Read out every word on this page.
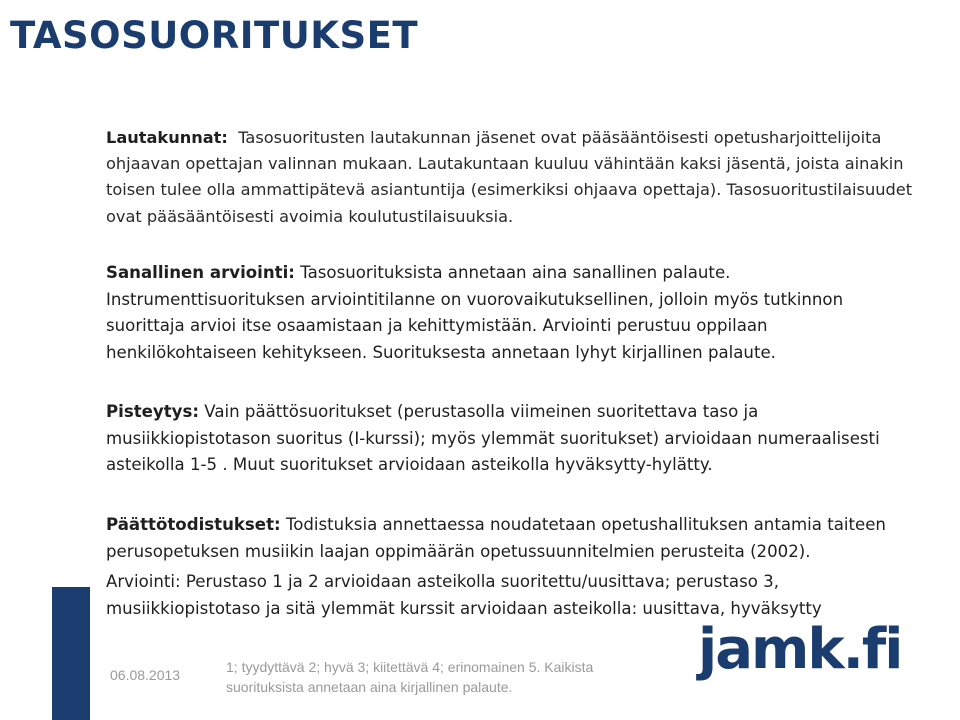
TASOSUORITUKSET

Lautakunnat: Tasosuoritusten lautakunnan jäsenet ovat pääsääntöisesti opetusharjoittelijoita ohjaavan opettajan valinnan mukaan. Lautakuntaan kuuluu vähintään kaksi jäsentä, joista ainakin toisen tulee olla ammattipätevä asiantuntija (esimerkiksi ohjaava opettaja). Tasosuoritustilaisuudet ovat pääsääntöisesti avoimia koulutustilaisuuksia.

Sanallinen arviointi: Tasosuorituksista annetaan aina sanallinen palaute. Instrumenttisuorituksen arviointitilanne on vuorovaikutuksellinen, jolloin myös tutkinnon suorittaja arvioi itse osaamistaan ja kehittymistään. Arviointi perustuu oppilaan henkilökohtaiseen kehitykseen. Suorituksesta annetaan lyhyt kirjallinen palaute.

Pisteytys: Vain päättösuoritukset (perustasolla viimeinen suoritettava taso ja musiikkiopistotason suoritus (I-kurssi); myös ylemmät suoritukset) arvioidaan numeraalisesti asteikolla 1-5 . Muut suoritukset arvioidaan asteikolla hyväksytty-hylätty.

Päättötodistukset: Todistuksia annettaessa noudatetaan opetushallituksen antamia taiteen perusopetuksen musiikin laajan oppimäärän opetussuunnitelmien perusteita (2002).

Arviointi: Perustaso 1 ja 2 arvioidaan asteikolla suoritettu/uusittava; perustaso 3, musiikkiopistotaso ja sitä ylemmät kurssit arvioidaan asteikolla: uusittava, hyväksytty

06.08.2013	1; tyydyttävä 2; hyvä 3; kiitettävä 4; erinomainen 5. Kaikista suorituksista annetaan aina kirjallinen palaute.
jamk.fi
